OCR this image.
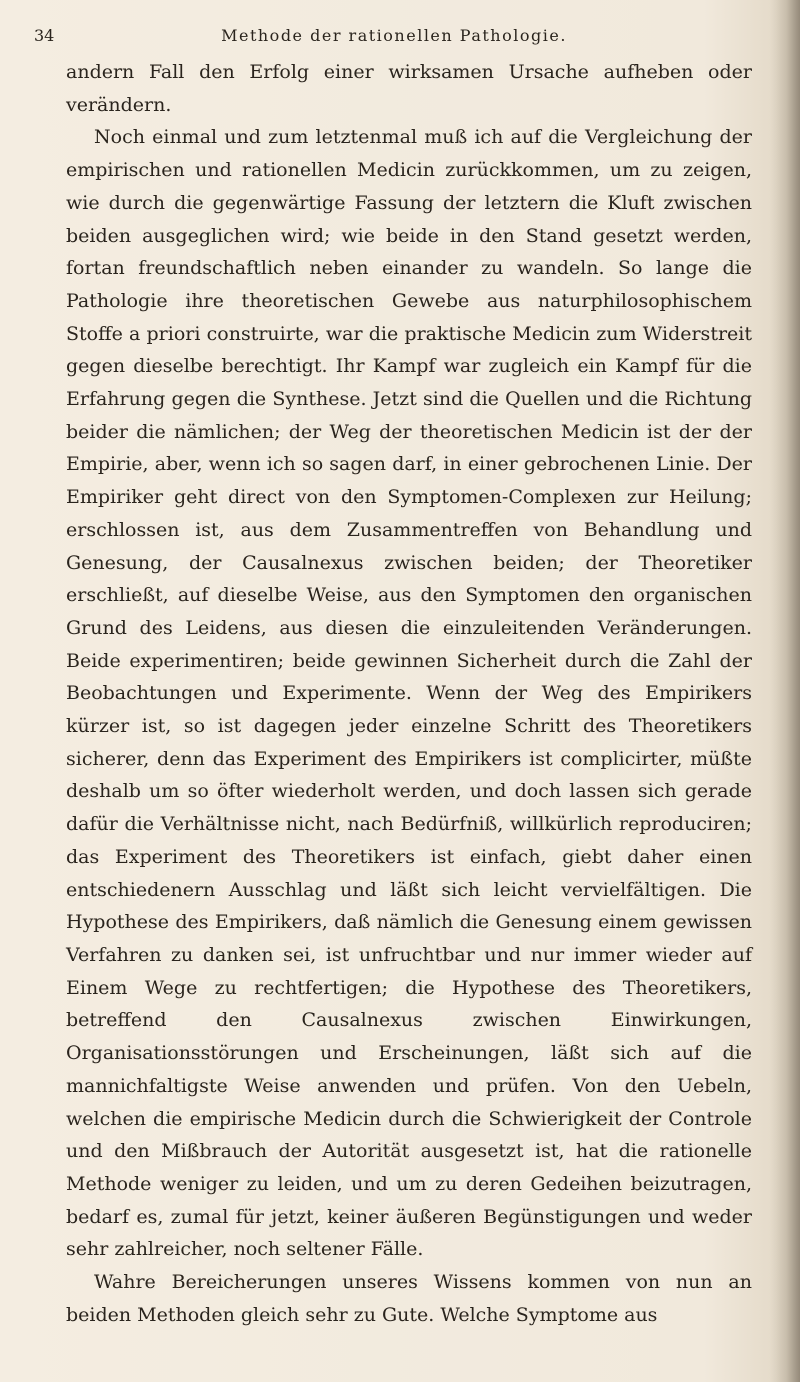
34	Methode der rationellen Pathologie.

andern Fall den Erfolg einer wirksamen Ursache aufheben oder verändern.

Noch einmal und zum letztenmal muß ich auf die Vergleichung der empirischen und rationellen Medicin zurückkommen, um zu zeigen, wie durch die gegenwärtige Fassung der letztern die Kluft zwischen beiden ausgeglichen wird; wie beide in den Stand gesetzt werden, fortan freundschaftlich neben einander zu wandeln. So lange die Pathologie ihre theoretischen Gewebe aus naturphilosophischem Stoffe a priori construirte, war die praktische Medicin zum Widerstreit gegen dieselbe berechtigt. Ihr Kampf war zugleich ein Kampf für die Erfahrung gegen die Synthese. Jetzt sind die Quellen und die Richtung beider die nämlichen; der Weg der theoretischen Medicin ist der der Empirie, aber, wenn ich so sagen darf, in einer gebrochenen Linie. Der Empiriker geht direct von den Symptomen-Complexen zur Heilung; erschlossen ist, aus dem Zusammentreffen von Behandlung und Genesung, der Causalnexus zwischen beiden; der Theoretiker erschließt, auf dieselbe Weise, aus den Symptomen den organischen Grund des Leidens, aus diesen die einzuleitenden Veränderungen. Beide experimentiren; beide gewinnen Sicherheit durch die Zahl der Beobachtungen und Experimente. Wenn der Weg des Empirikers kürzer ist, so ist dagegen jeder einzelne Schritt des Theoretikers sicherer, denn das Experiment des Empirikers ist complicirter, müßte deshalb um so öfter wiederholt werden, und doch lassen sich gerade dafür die Verhältnisse nicht, nach Bedürfniß, willkürlich reproduciren; das Experiment des Theoretikers ist einfach, giebt daher einen entschiedenern Ausschlag und läßt sich leicht vervielfältigen. Die Hypothese des Empirikers, daß nämlich die Genesung einem gewissen Verfahren zu danken sei, ist unfruchtbar und nur immer wieder auf Einem Wege zu rechtfertigen; die Hypothese des Theoretikers, betreffend den Causalnexus zwischen Einwirkungen, Organisationsstörungen und Erscheinungen, läßt sich auf die mannichfaltigste Weise anwenden und prüfen. Von den Uebeln, welchen die empirische Medicin durch die Schwierigkeit der Controle und den Mißbrauch der Autorität ausgesetzt ist, hat die rationelle Methode weniger zu leiden, und um zu deren Gedeihen beizutragen, bedarf es, zumal für jetzt, keiner äußeren Begünstigungen und weder sehr zahlreicher, noch seltener Fälle.

Wahre Bereicherungen unseres Wissens kommen von nun an beiden Methoden gleich sehr zu Gute. Welche Symptome aus
